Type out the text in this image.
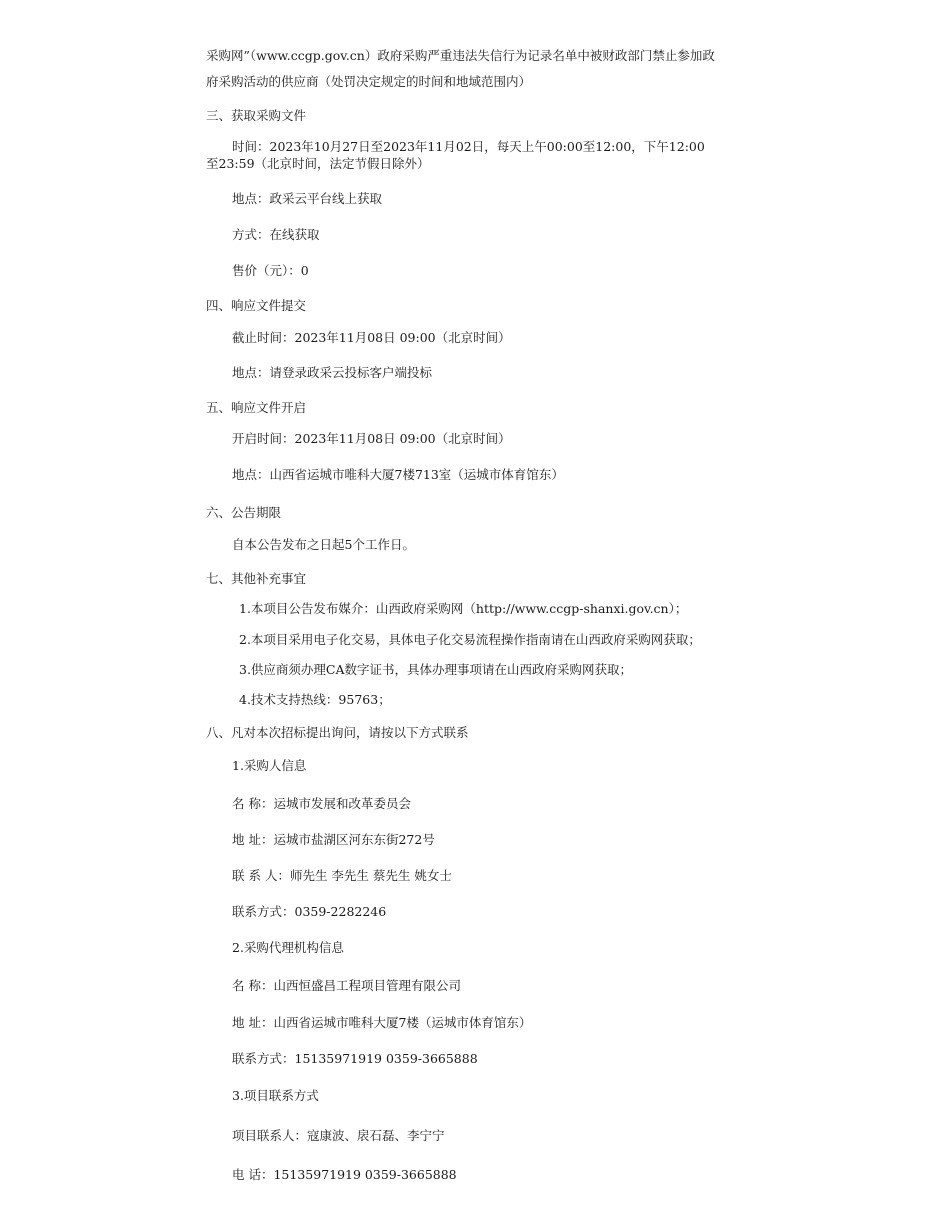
采购网”（www.ccgp.gov.cn）政府采购严重违法失信行为记录名单中被财政部门禁止参加政
府采购活动的供应商（处罚决定规定的时间和地域范围内）
三、获取采购文件
时间：2023年10月27日至2023年11月02日，每天上午00:00至12:00，下午12:00
至23:59（北京时间，法定节假日除外）
地点：政采云平台线上获取
方式：在线获取
售价（元）：0
四、响应文件提交
截止时间：2023年11月08日 09:00（北京时间）
地点：请登录政采云投标客户端投标
五、响应文件开启
开启时间：2023年11月08日 09:00（北京时间）
地点：山西省运城市唯科大厦7楼713室（运城市体育馆东）
六、公告期限
自本公告发布之日起5个工作日。
七、其他补充事宜
1.本项目公告发布媒介：山西政府采购网（http://www.ccgp-shanxi.gov.cn）；
2.本项目采用电子化交易，具体电子化交易流程操作指南请在山西政府采购网获取；
3.供应商须办理CA数字证书，具体办理事项请在山西政府采购网获取；
4.技术支持热线：95763；
八、凡对本次招标提出询问，请按以下方式联系
1.采购人信息
名 称：运城市发展和改革委员会
地 址：运城市盐湖区河东东街272号
联 系 人：师先生 李先生 蔡先生 姚女士
联系方式：0359-2282246
2.采购代理机构信息
名 称：山西恒盛昌工程项目管理有限公司
地 址：山西省运城市唯科大厦7楼（运城市体育馆东）
联系方式：15135971919 0359-3665888
3.项目联系方式
项目联系人：寇康波、扆石磊、李宁宁
电 话：15135971919 0359-3665888
